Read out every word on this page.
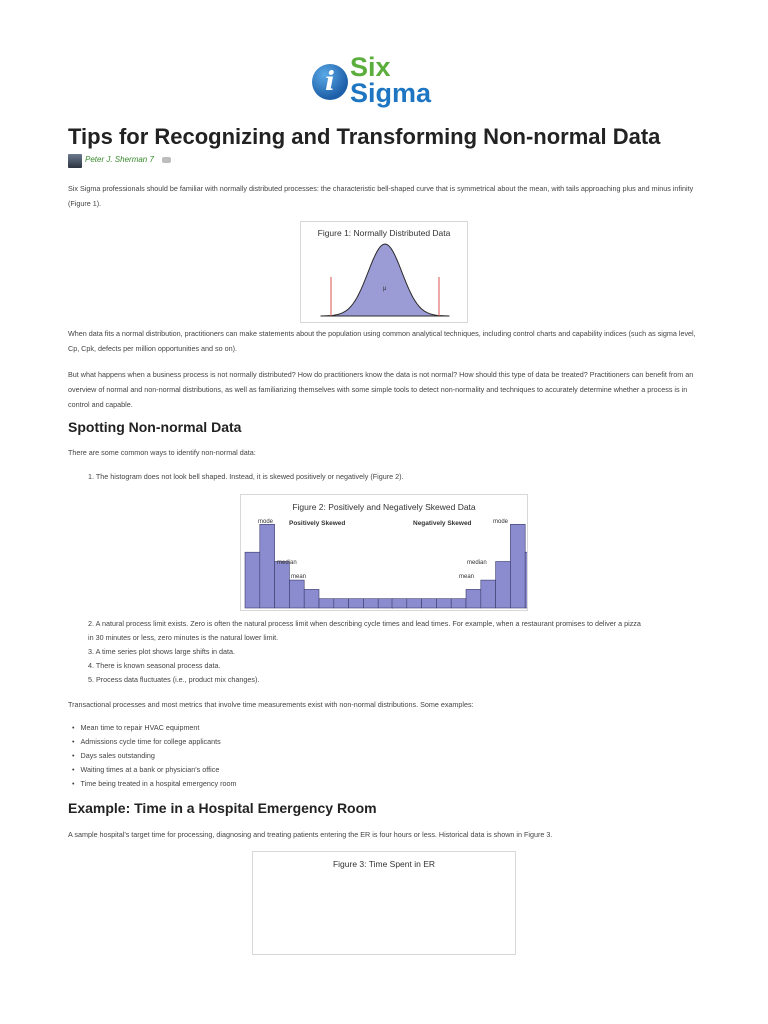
i Six
Sigma
Tips for Recognizing and Transforming Non-normal Data
Peter J. Sherman 7
Six Sigma professionals should be familiar with normally distributed processes: the characteristic bell-shaped curve that is symmetrical about the mean, with tails approaching plus and minus infinity (Figure 1).
Figure 1: Normally Distributed Data
μ
When data fits a normal distribution, practitioners can make statements about the population using common analytical techniques, including control charts and capability indices (such as sigma level, Cp, Cpk, defects per million opportunities and so on).
But what happens when a business process is not normally distributed? How do practitioners know the data is not normal? How should this type of data be treated? Practitioners can benefit from an overview of normal and non-normal distributions, as well as familiarizing themselves with some simple tools to detect non-normality and techniques to accurately determine whether a process is in control and capable.
Spotting Non-normal Data
There are some common ways to identify non-normal data:
1. The histogram does not look bell shaped. Instead, it is skewed positively or negatively (Figure 2).
Figure 2: Positively and Negatively Skewed Data
Positively Skewed	Negatively Skewed
mode
median
mean
mode
median
mean
2. A natural process limit exists. Zero is often the natural process limit when describing cycle times and lead times. For example, when a restaurant promises to deliver a pizza
in 30 minutes or less, zero minutes is the natural lower limit.
3. A time series plot shows large shifts in data.
4. There is known seasonal process data.
5. Process data fluctuates (i.e., product mix changes).
Transactional processes and most metrics that involve time measurements exist with non-normal distributions. Some examples:
•   Mean time to repair HVAC equipment
•   Admissions cycle time for college applicants
•   Days sales outstanding
•   Waiting times at a bank or physician's office
•   Time being treated in a hospital emergency room
Example: Time in a Hospital Emergency Room
A sample hospital's target time for processing, diagnosing and treating patients entering the ER is four hours or less. Historical data is shown in Figure 3.
Figure 3: Time Spent in ER
